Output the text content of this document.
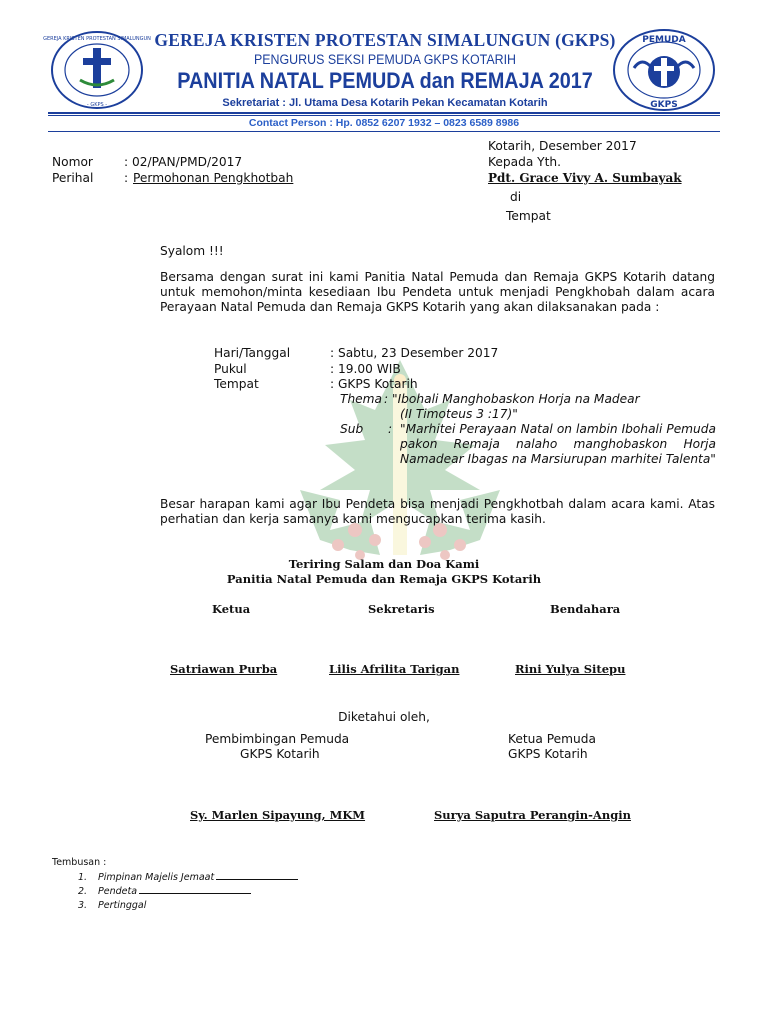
GEREJA KRISTEN PROTESTAN SIMALUNGUN
- GKPS -
PEMUDA
GKPS
GEREJA KRISTEN PROTESTAN SIMALUNGUN (GKPS)
PENGURUS SEKSI PEMUDA GKPS KOTARIH
PANITIA NATAL PEMUDA dan REMAJA 2017
Sekretariat : Jl. Utama Desa Kotarih Pekan Kecamatan Kotarih
Contact Person : Hp. 0852 6207 1932 – 0823 6589 8986
Kotarih, Desember 2017
Nomor	: 02/PAN/PMD/2017	Kepada Yth.
Perihal	: Permohonan Pengkhotbah	Pdt. Grace Vivy A. Sumbayak
di
Tempat
Syalom !!!
Bersama dengan surat ini kami Panitia Natal Pemuda dan Remaja GKPS Kotarih datang untuk memohon/minta kesediaan Ibu Pendeta untuk menjadi Pengkhobah dalam acara Perayaan Natal Pemuda dan Remaja GKPS Kotarih yang akan dilaksanakan pada :
Hari/Tanggal	: Sabtu, 23 Desember 2017
Pukul	: 19.00 WIB
Tempat	: GKPS Kotarih
Thema : "Ibohali Manghobaskon Horja na Madear
(II Timoteus 3 :17)"
Sub : "Marhitei Perayaan Natal on lambin Ibohali Pemuda pakon Remaja nalaho manghobaskon Horja Namadear Ibagas na Marsiurupan marhitei Talenta"
Besar harapan kami agar Ibu Pendeta bisa menjadi Pengkhotbah dalam acara kami. Atas perhatian dan kerja samanya kami mengucapkan terima kasih.
Teriring Salam dan Doa Kami
Panitia Natal Pemuda dan Remaja GKPS Kotarih
Ketua	Sekretaris	Bendahara
Satriawan Purba	Lilis Afrilita Tarigan	Rini Yulya Sitepu
Diketahui oleh,
Pembimbingan Pemuda
GKPS Kotarih
Ketua Pemuda
GKPS Kotarih
Sy. Marlen Sipayung, MKM	Surya Saputra Perangin-Angin
Tembusan :
1. Pimpinan Majelis Jemaat
2. Pendeta
3. Pertinggal
